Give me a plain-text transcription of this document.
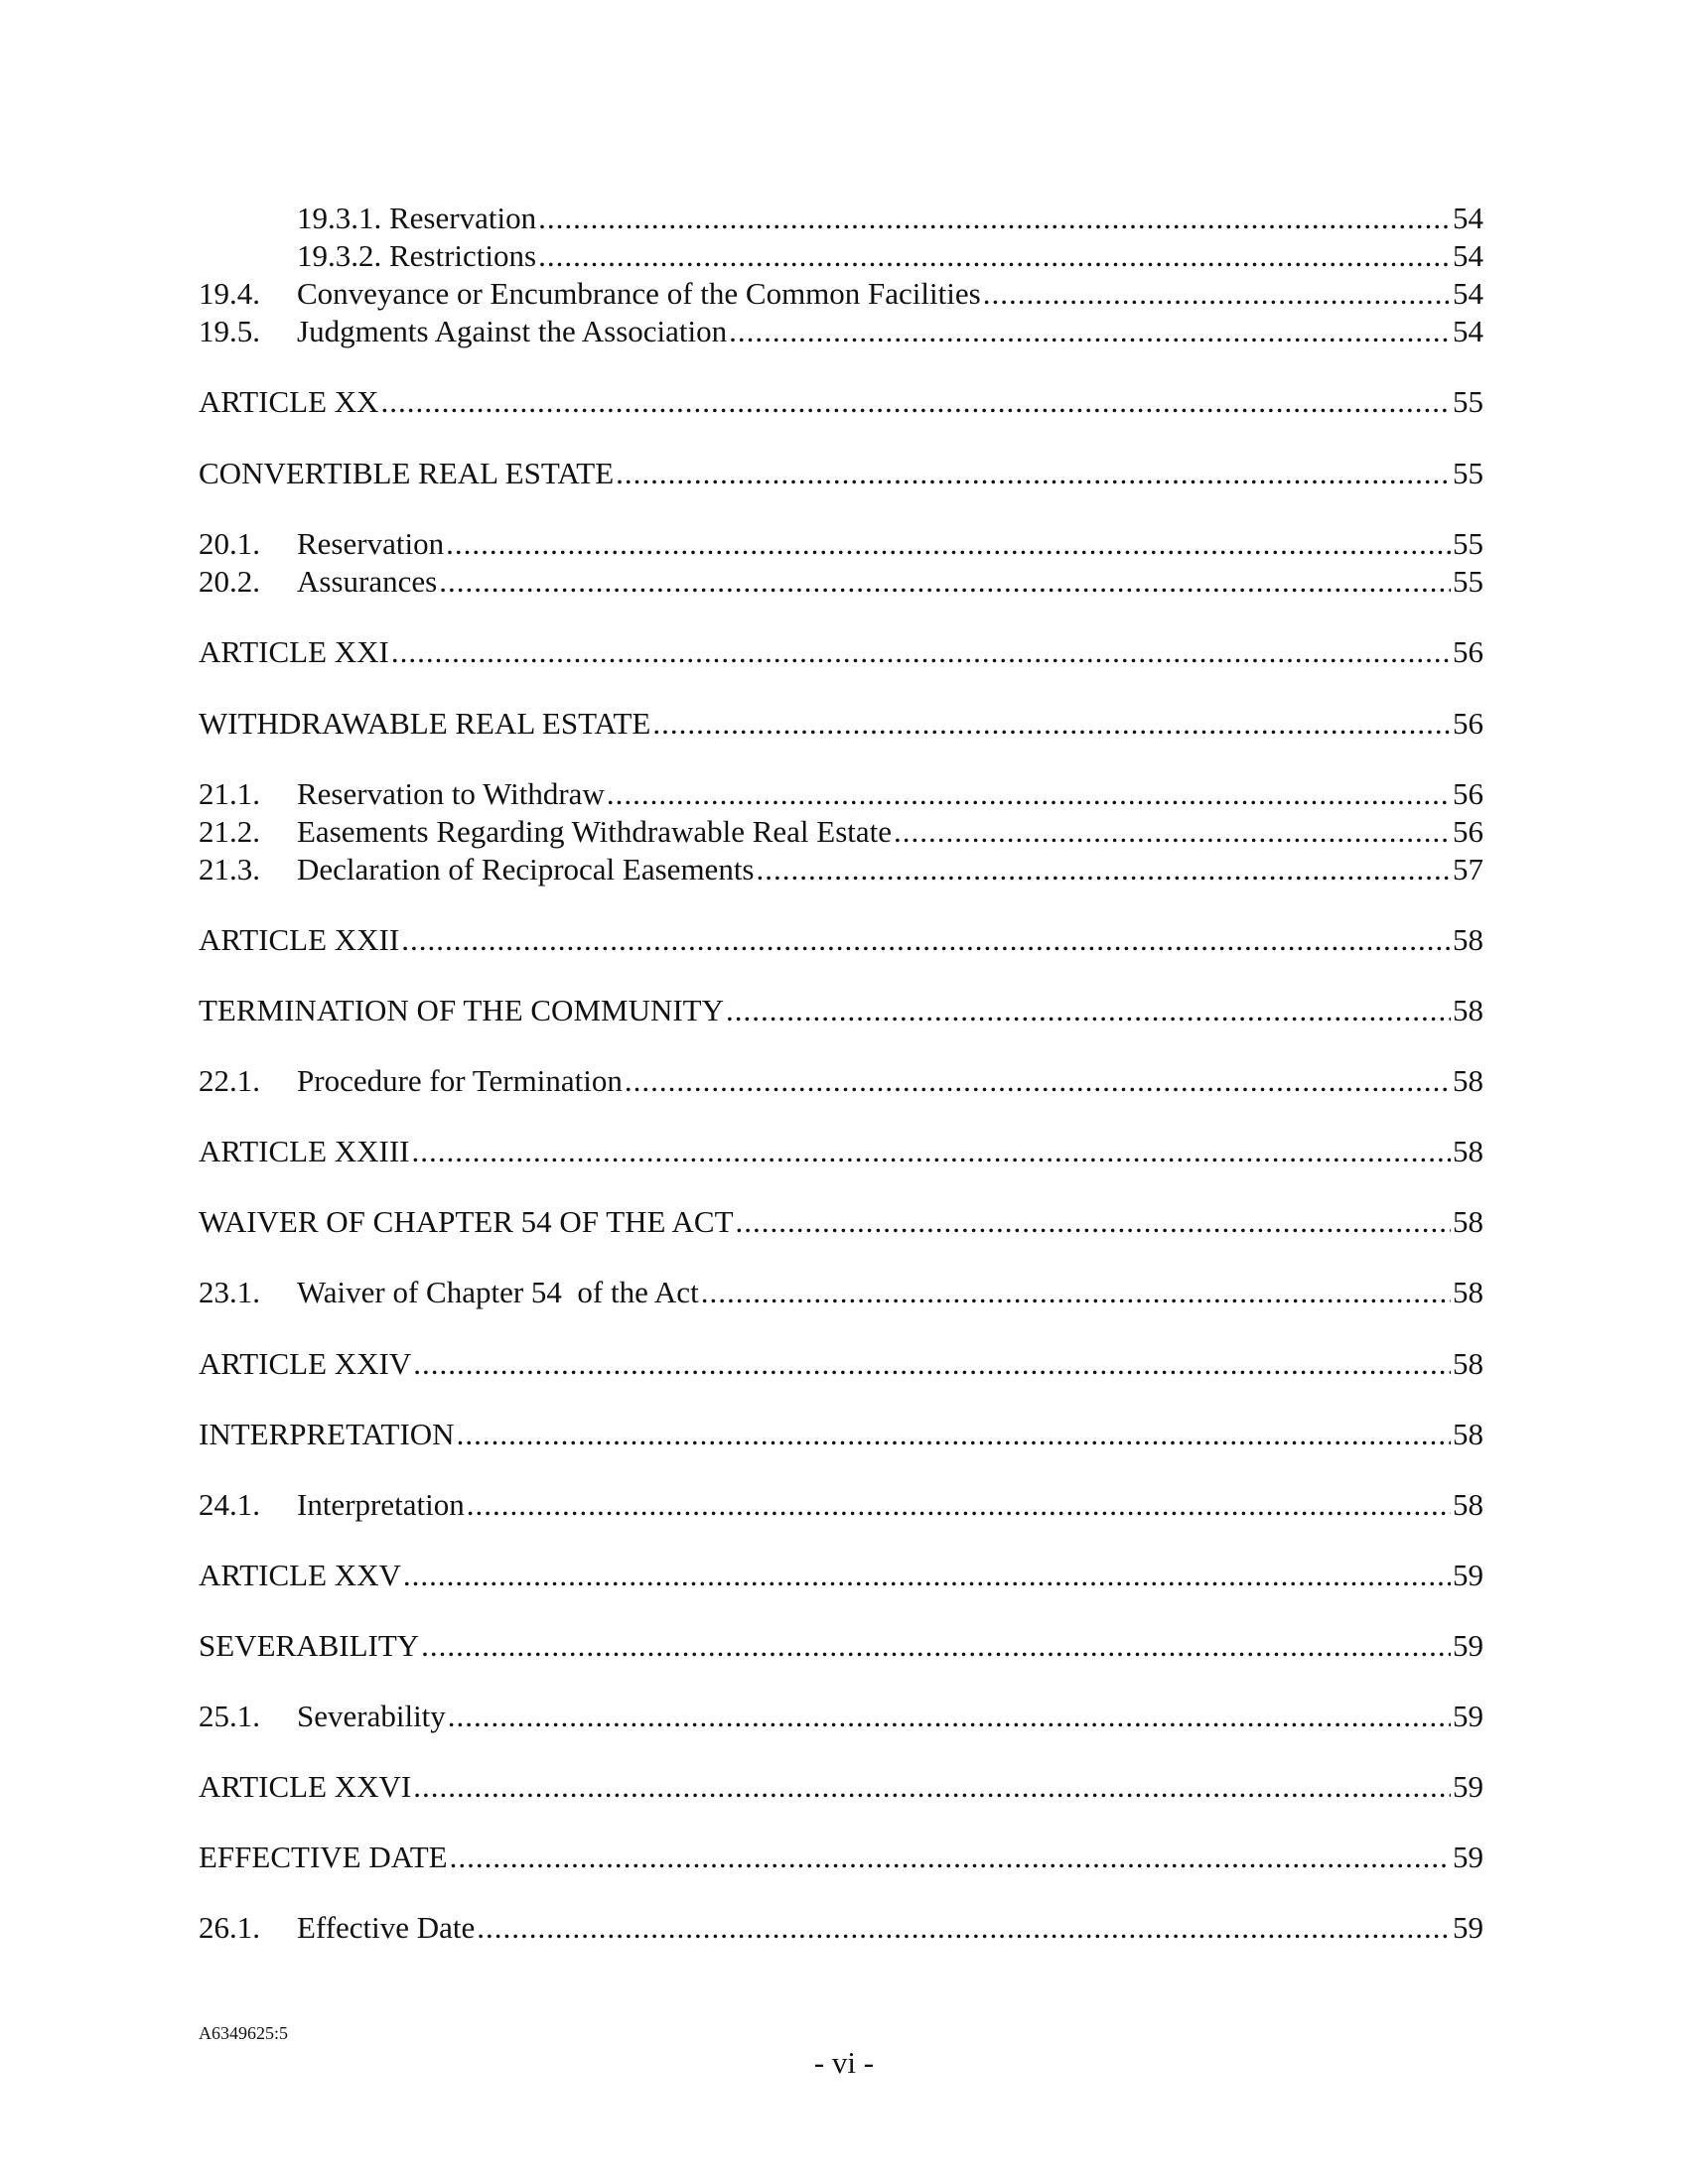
19.3.1. Reservation .....	54
19.3.2. Restrictions .....	54
19.4.	Conveyance or Encumbrance of the Common Facilities .....	54
19.5.	Judgments Against the Association .....	54
ARTICLE XX .....	55
CONVERTIBLE REAL ESTATE .....	55
20.1.	Reservation .....	55
20.2.	Assurances .....	55
ARTICLE XXI .....	56
WITHDRAWABLE REAL ESTATE .....	56
21.1.	Reservation to Withdraw .....	56
21.2.	Easements Regarding Withdrawable Real Estate .....	56
21.3.	Declaration of Reciprocal Easements .....	57
ARTICLE XXII .....	58
TERMINATION OF THE COMMUNITY .....	58
22.1.	Procedure for Termination .....	58
ARTICLE XXIII .....	58
WAIVER OF CHAPTER 54 OF THE ACT .....	58
23.1.	Waiver of Chapter 54  of the Act .....	58
ARTICLE XXIV .....	58
INTERPRETATION .....	58
24.1.	Interpretation .....	58
ARTICLE XXV .....	59
SEVERABILITY .....	59
25.1.	Severability .....	59
ARTICLE XXVI .....	59
EFFECTIVE DATE .....	59
26.1.	Effective Date .....	59
A6349625:5
- vi -
